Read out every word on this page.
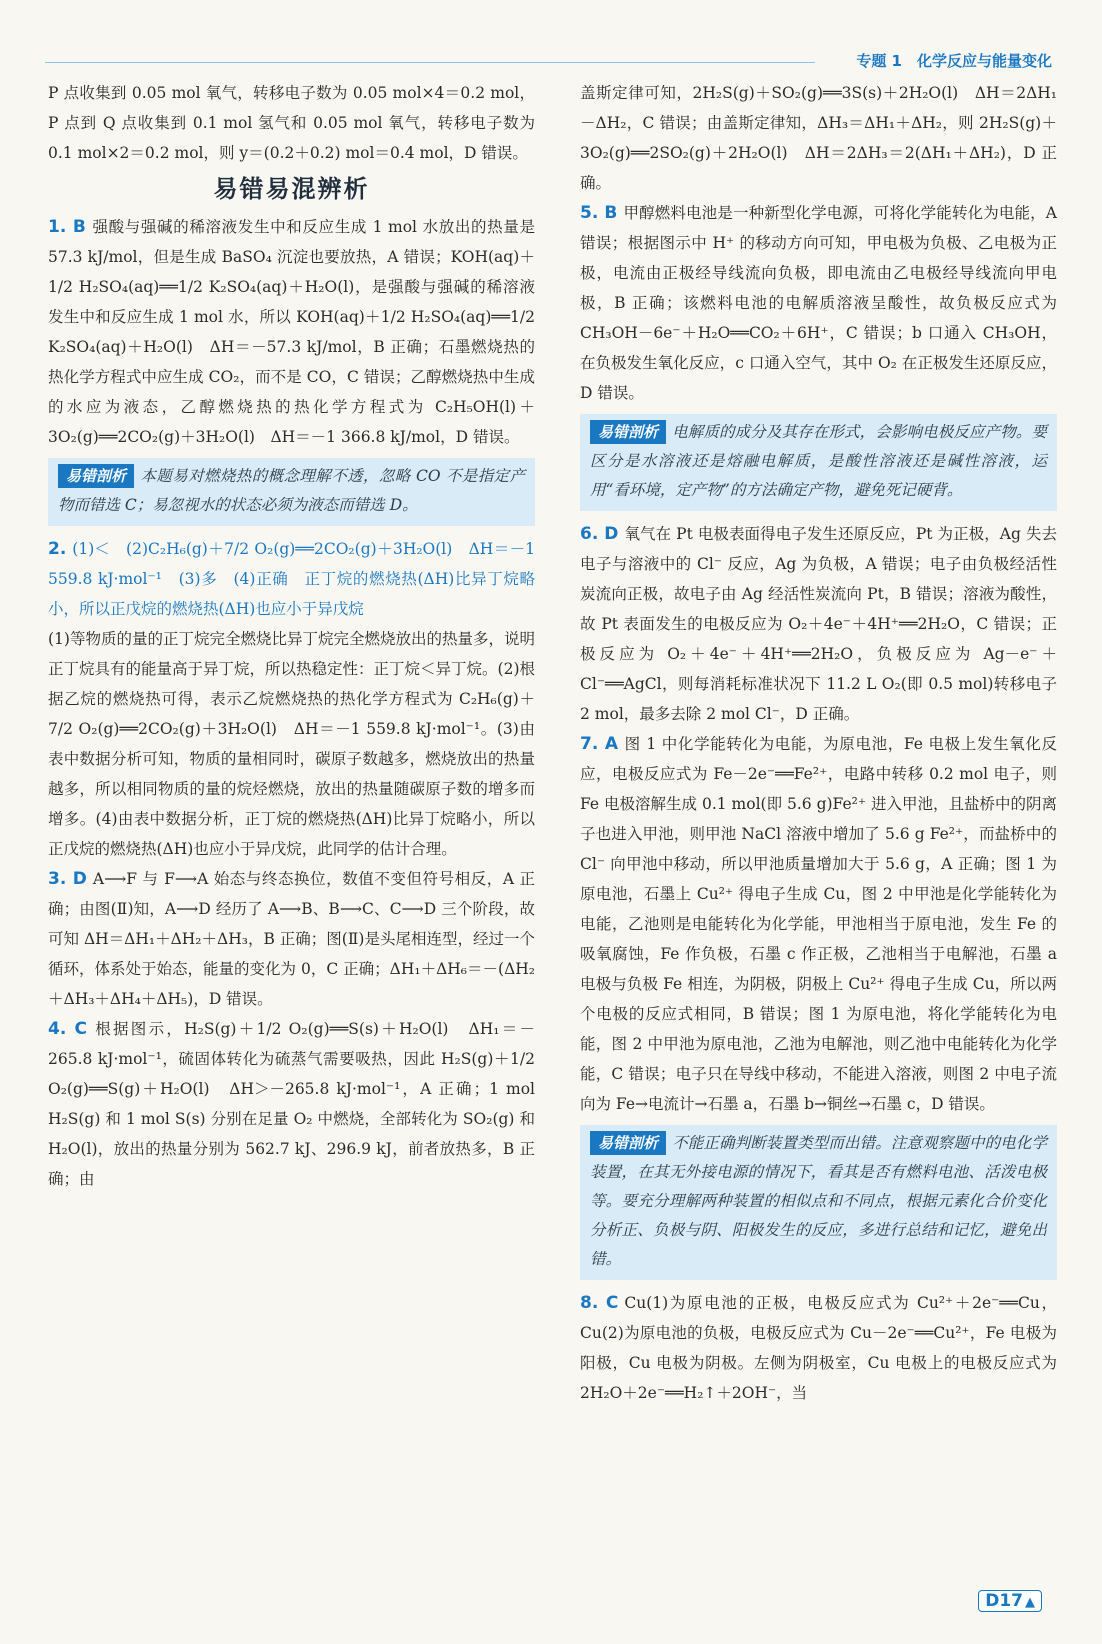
专题 1　化学反应与能量变化

P 点收集到 0.05 mol 氧气，转移电子数为 0.05 mol×4＝0.2 mol，P 点到 Q 点收集到 0.1 mol 氢气和 0.05 mol 氧气，转移电子数为 0.1 mol×2＝0.2 mol，则 y＝(0.2＋0.2) mol＝0.4 mol，D 错误。

易错易混辨析

1. B 强酸与强碱的稀溶液发生中和反应生成 1 mol 水放出的热量是 57.3 kJ/mol，但是生成 BaSO₄ 沉淀也要放热，A 错误；KOH(aq)＋1/2 H₂SO₄(aq)══1/2 K₂SO₄(aq)＋H₂O(l)，是强酸与强碱的稀溶液发生中和反应生成 1 mol 水，所以 KOH(aq)＋1/2 H₂SO₄(aq)══1/2 K₂SO₄(aq)＋H₂O(l)　ΔH＝－57.3 kJ/mol，B 正确；石墨燃烧热的热化学方程式中应生成 CO₂，而不是 CO，C 错误；乙醇燃烧热中生成的水应为液态，乙醇燃烧热的热化学方程式为 C₂H₅OH(l)＋3O₂(g)══2CO₂(g)＋3H₂O(l)　ΔH＝－1 366.8 kJ/mol，D 错误。

易错剖析 本题易对燃烧热的概念理解不透，忽略 CO 不是指定产物而错选 C；易忽视水的状态必须为液态而错选 D。

2. (1)＜　(2)C₂H₆(g)＋7/2 O₂(g)══2CO₂(g)＋3H₂O(l)　ΔH＝－1 559.8 kJ·mol⁻¹　(3)多　(4)正确　正丁烷的燃烧热(ΔH)比异丁烷略小，所以正戊烷的燃烧热(ΔH)也应小于异戊烷

(1)等物质的量的正丁烷完全燃烧比异丁烷完全燃烧放出的热量多，说明正丁烷具有的能量高于异丁烷，所以热稳定性：正丁烷＜异丁烷。(2)根据乙烷的燃烧热可得，表示乙烷燃烧热的热化学方程式为 C₂H₆(g)＋7/2 O₂(g)══2CO₂(g)＋3H₂O(l)　ΔH＝－1 559.8 kJ·mol⁻¹。(3)由表中数据分析可知，物质的量相同时，碳原子数越多，燃烧放出的热量越多，所以相同物质的量的烷烃燃烧，放出的热量随碳原子数的增多而增多。(4)由表中数据分析，正丁烷的燃烧热(ΔH)比异丁烷略小，所以正戊烷的燃烧热(ΔH)也应小于异戊烷，此同学的估计合理。

3. D A⟶F 与 F⟶A 始态与终态换位，数值不变但符号相反，A 正确；由图(Ⅱ)知，A⟶D 经历了 A⟶B、B⟶C、C⟶D 三个阶段，故可知 ΔH＝ΔH₁＋ΔH₂＋ΔH₃，B 正确；图(Ⅱ)是头尾相连型，经过一个循环，体系处于始态，能量的变化为 0，C 正确；ΔH₁＋ΔH₆＝－(ΔH₂＋ΔH₃＋ΔH₄＋ΔH₅)，D 错误。

4. C 根据图示，H₂S(g)＋1/2 O₂(g)══S(s)＋H₂O(l)　ΔH₁＝－265.8 kJ·mol⁻¹，硫固体转化为硫蒸气需要吸热，因此 H₂S(g)＋1/2 O₂(g)══S(g)＋H₂O(l)　ΔH＞－265.8 kJ·mol⁻¹，A 正确；1 mol H₂S(g) 和 1 mol S(s) 分别在足量 O₂ 中燃烧，全部转化为 SO₂(g) 和 H₂O(l)，放出的热量分别为 562.7 kJ、296.9 kJ，前者放热多，B 正确；由

盖斯定律可知，2H₂S(g)＋SO₂(g)══3S(s)＋2H₂O(l)　ΔH＝2ΔH₁－ΔH₂，C 错误；由盖斯定律知，ΔH₃＝ΔH₁＋ΔH₂，则 2H₂S(g)＋3O₂(g)══2SO₂(g)＋2H₂O(l)　ΔH＝2ΔH₃＝2(ΔH₁＋ΔH₂)，D 正确。

5. B 甲醇燃料电池是一种新型化学电源，可将化学能转化为电能，A 错误；根据图示中 H⁺ 的移动方向可知，甲电极为负极、乙电极为正极，电流由正极经导线流向负极，即电流由乙电极经导线流向甲电极，B 正确；该燃料电池的电解质溶液呈酸性，故负极反应式为 CH₃OH－6e⁻＋H₂O══CO₂＋6H⁺，C 错误；b 口通入 CH₃OH，在负极发生氧化反应，c 口通入空气，其中 O₂ 在正极发生还原反应，D 错误。

易错剖析 电解质的成分及其存在形式，会影响电极反应产物。要区分是水溶液还是熔融电解质，是酸性溶液还是碱性溶液，运用“看环境，定产物”的方法确定产物，避免死记硬背。

6. D 氧气在 Pt 电极表面得电子发生还原反应，Pt 为正极，Ag 失去电子与溶液中的 Cl⁻ 反应，Ag 为负极，A 错误；电子由负极经活性炭流向正极，故电子由 Ag 经活性炭流向 Pt，B 错误；溶液为酸性，故 Pt 表面发生的电极反应为 O₂＋4e⁻＋4H⁺══2H₂O，C 错误；正极反应为 O₂＋4e⁻＋4H⁺══2H₂O，负极反应为 Ag－e⁻＋Cl⁻══AgCl，则每消耗标准状况下 11.2 L O₂(即 0.5 mol)转移电子 2 mol，最多去除 2 mol Cl⁻，D 正确。

7. A 图 1 中化学能转化为电能，为原电池，Fe 电极上发生氧化反应，电极反应式为 Fe－2e⁻══Fe²⁺，电路中转移 0.2 mol 电子，则 Fe 电极溶解生成 0.1 mol(即 5.6 g)Fe²⁺ 进入甲池，且盐桥中的阴离子也进入甲池，则甲池 NaCl 溶液中增加了 5.6 g Fe²⁺，而盐桥中的 Cl⁻ 向甲池中移动，所以甲池质量增加大于 5.6 g，A 正确；图 1 为原电池，石墨上 Cu²⁺ 得电子生成 Cu，图 2 中甲池是化学能转化为电能，乙池则是电能转化为化学能，甲池相当于原电池，发生 Fe 的吸氧腐蚀，Fe 作负极，石墨 c 作正极，乙池相当于电解池，石墨 a 电极与负极 Fe 相连，为阴极，阴极上 Cu²⁺ 得电子生成 Cu，所以两个电极的反应式相同，B 错误；图 1 为原电池，将化学能转化为电能，图 2 中甲池为原电池，乙池为电解池，则乙池中电能转化为化学能，C 错误；电子只在导线中移动，不能进入溶液，则图 2 中电子流向为 Fe→电流计→石墨 a，石墨 b→铜丝→石墨 c，D 错误。

易错剖析 不能正确判断装置类型而出错。注意观察题中的电化学装置，在其无外接电源的情况下，看其是否有燃料电池、活泼电极等。要充分理解两种装置的相似点和不同点，根据元素化合价变化分析正、负极与阴、阳极发生的反应，多进行总结和记忆，避免出错。

8. C Cu(1)为原电池的正极，电极反应式为 Cu²⁺＋2e⁻══Cu，Cu(2)为原电池的负极，电极反应式为 Cu－2e⁻══Cu²⁺，Fe 电极为阳极，Cu 电极为阴极。左侧为阴极室，Cu 电极上的电极反应式为 2H₂O＋2e⁻══H₂↑＋2OH⁻，当

D17 ▲
